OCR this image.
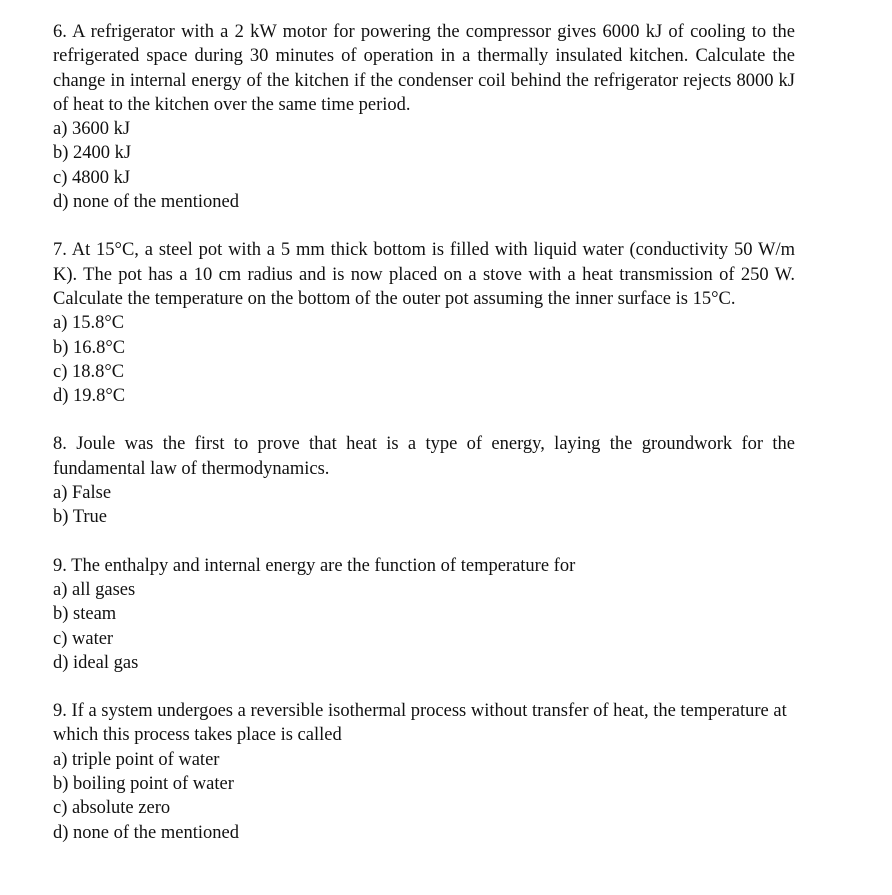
6. A refrigerator with a 2 kW motor for powering the compressor gives 6000 kJ of cooling to the refrigerated space during 30 minutes of operation in a thermally insulated kitchen. Calculate the change in internal energy of the kitchen if the condenser coil behind the refrigerator rejects 8000 kJ of heat to the kitchen over the same time period.

a) 3600 kJ

b) 2400 kJ

c) 4800 kJ

d) none of the mentioned

7. At 15°C, a steel pot with a 5 mm thick bottom is filled with liquid water (conductivity 50 W/m K). The pot has a 10 cm radius and is now placed on a stove with a heat transmission of 250 W. Calculate the temperature on the bottom of the outer pot assuming the inner surface is 15°C.

a) 15.8°C

b) 16.8°C

c) 18.8°C

d) 19.8°C

8. Joule was the first to prove that heat is a type of energy, laying the groundwork for the fundamental law of thermodynamics.

a) False

b) True

9. The enthalpy and internal energy are the function of temperature for

a) all gases

b) steam

c) water

d) ideal gas

9. If a system undergoes a reversible isothermal process without transfer of heat, the temperature at which this process takes place is called

a) triple point of water

b) boiling point of water

c) absolute zero

d) none of the mentioned
